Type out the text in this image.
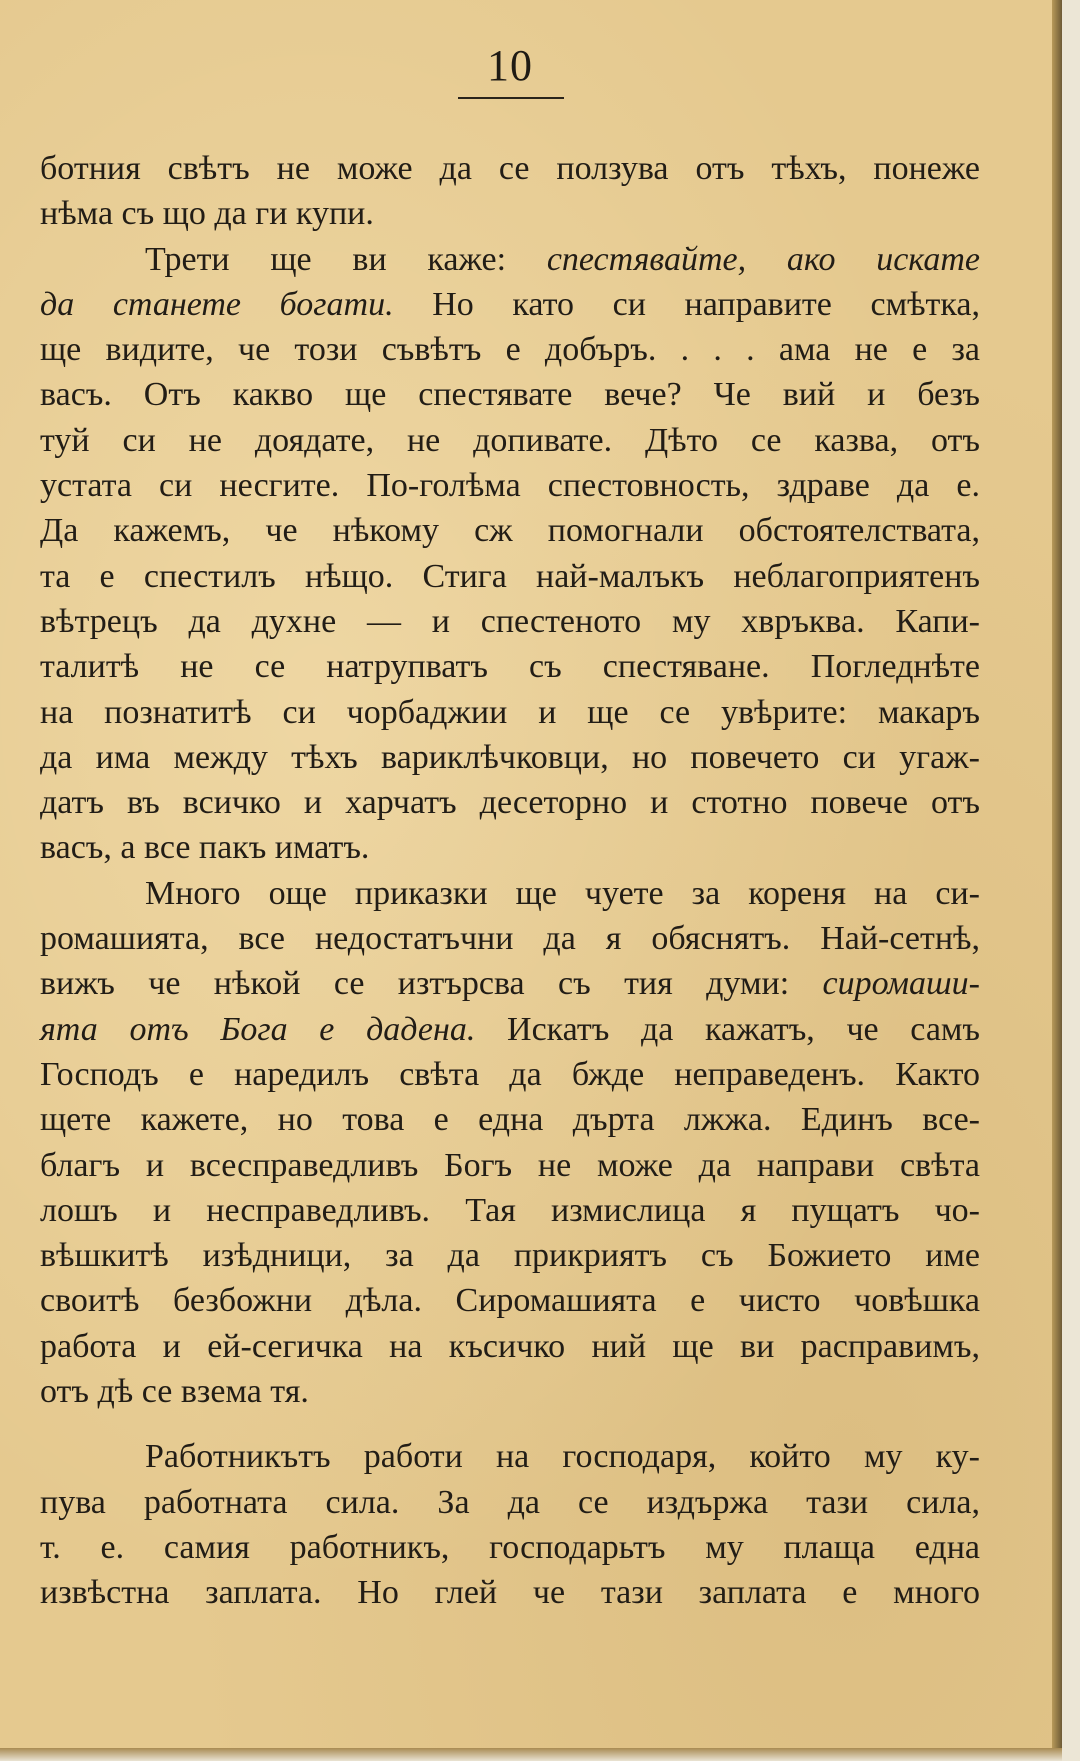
10
ботния свѣтъ не може да се ползува отъ тѣхъ, понеже
нѣма съ що да ги купи.
Трети ще ви каже: спестявайте, ако искате
да станете богати. Но като си направите смѣтка,
ще видите, че този съвѣтъ е добъръ. . . . ама не е за
васъ. Отъ какво ще спестявате вече? Че вий и безъ
туй си не доядате, не допивате. Дѣто се казва, отъ
устата си несгите. По-голѣма спестовность, здраве да е.
Да кажемъ, че нѣкому сж помогнали обстоятелствата,
та е спестилъ нѣщо. Стига най-малъкъ неблагоприятенъ
вѣтрецъ да духне — и спестеното му хвръква. Капи-
талитѣ не се натрупватъ съ спестяване. Погледнѣте
на познатитѣ си чорбаджии и ще се увѣрите: макаръ
да има между тѣхъ вариклѣчковци, но повечето си угаж-
датъ въ всичко и харчатъ десеторно и стотно повече отъ
васъ, а все пакъ иматъ.
Много още приказки ще чуете за кореня на си-
ромашията, все недостатъчни да я обяснятъ. Най-сетнѣ,
вижъ че нѣкой се изтърсва съ тия думи: сиромаши-
ята отъ Бога е дадена. Искатъ да кажатъ, че самъ
Господъ е наредилъ свѣта да бжде неправеденъ. Както
щете кажете, но това е една дърта лжжа. Единъ все-
благъ и всесправедливъ Богъ не може да направи свѣта
лошъ и несправедливъ. Тая измислица я пущатъ чо-
вѣшкитѣ изѣдници, за да прикриятъ съ Божието име
своитѣ безбожни дѣла. Сиромашията е чисто човѣшка
работа и ей-сегичка на късичко ний ще ви расправимъ,
отъ дѣ се взема тя.
Работникътъ работи на господаря, който му ку-
пува работната сила. За да се издържа тази сила,
т. е. самия работникъ, господарьтъ му плаща една
извѣстна заплата. Но глей че тази заплата е много
